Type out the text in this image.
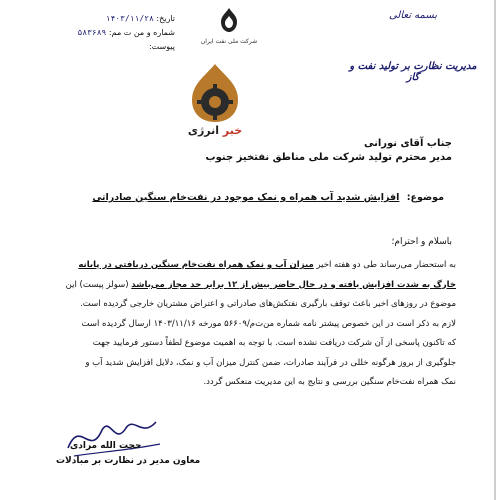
بسمه تعالی
مدیریت نظارت بر تولید نفت و گاز
شرکت ملی نفت ایران
تاریخ: ۱۴۰۳/۱۱/۲۸
شماره و من ت مم: ۵۸۳۶۸۹
پیوست:
خبر انرژی
جناب آقای نورانی
مدیر محترم تولید شرکت ملی مناطق نفتخیز جنوب
موضوع: افزایش شدید آب همراه و نمک موجود در نفت‌خام سنگین صادراتی
باسلام و احترام؛

به استحضار می‌رساند طی دو هفته اخیر میزان آب و نمک همراه نفت‌خام سنگین دریافتی در پایانه

خارگ به شدت افزایش یافته و در حال حاضر بیش از ۱۲ برابر حد مجاز می‌باشد (سولز پیست) این

موضوع در روزهای اخیر باعث توقف بارگیری نفتکش‌های صادراتی و اعتراض مشتریان خارجی گردیده است.

لازم به ذکر است در این خصوص پیشتر نامه شماره من‌ت‌م/۵۶۶۰۹ مورخه ۱۴۰۳/۱۱/۱۶ ارسال گردیده است

که تاکنون پاسخی از آن شرکت دریافت نشده است. با توجه به اهمیت موضوع لطفاً دستور فرمایید جهت

جلوگیری از بروز هرگونه خللی در فرآیند صادرات، ضمن کنترل میزان آب و نمک، دلایل افزایش شدید آب و

نمک همراه نفت‌خام سنگین بررسی و نتایج به این مدیریت منعکس گردد.

حجت الله مرادی
معاون مدیر در نظارت بر مبادلات
